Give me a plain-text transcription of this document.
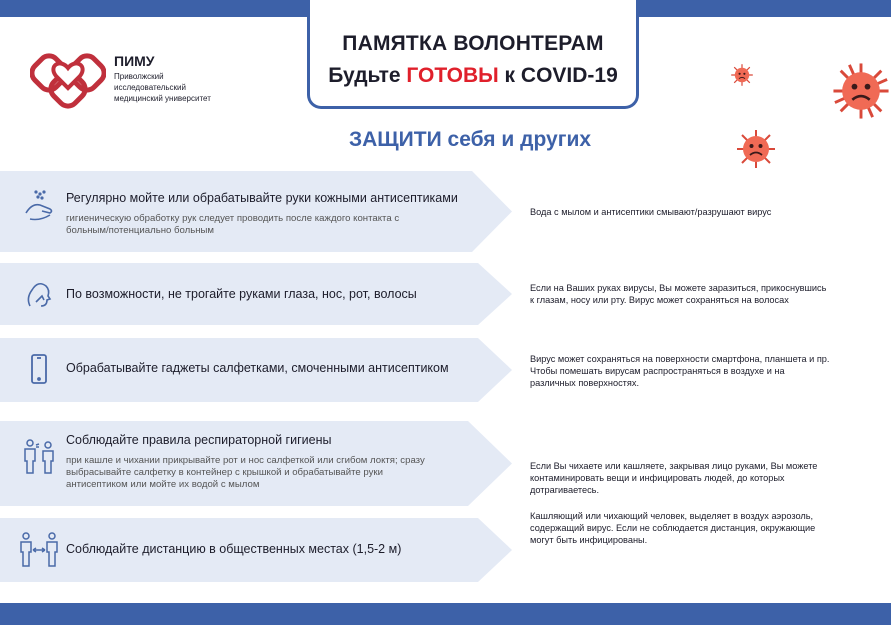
ПИМУ
Приволжский
исследовательский
медицинский университет
ПАМЯТКА ВОЛОНТЕРАМ
Будьте ГОТОВЫ к COVID-19
ЗАЩИТИ себя и других
Регулярно мойте или обрабатывайте руки кожными антисептиками
гигиеническую обработку рук следует проводить после каждого контакта с
больным/потенциально больным
По возможности, не трогайте руками глаза, нос, рот, волосы
Обрабатывайте гаджеты салфетками, смоченными антисептиком
Соблюдайте правила респираторной гигиены
при кашле и чихании прикрывайте рот и нос салфеткой или сгибом локтя; сразу
выбрасывайте салфетку в контейнер с крышкой и обрабатывайте руки
антисептиком или мойте их водой с мылом
Соблюдайте дистанцию в общественных местах (1,5-2 м)
Вода с мылом и антисептики смывают/разрушают вирус
Если на Ваших руках вирусы, Вы можете заразиться, прикоснувшись
к глазам, носу или рту. Вирус может сохраняться на волосах
Вирус может сохраняться на поверхности смартфона, планшета и пр.
Чтобы помешать вирусам распространяться в воздухе и на
различных поверхностях.
Если Вы чихаете или кашляете, закрывая лицо руками, Вы можете
контаминировать вещи и инфицировать людей, до которых
дотрагиваетесь.
Кашляющий или чихающий человек, выделяет в воздух аэрозоль,
содержащий вирус. Если не соблюдается дистанция, окружающие
могут быть инфицированы.
